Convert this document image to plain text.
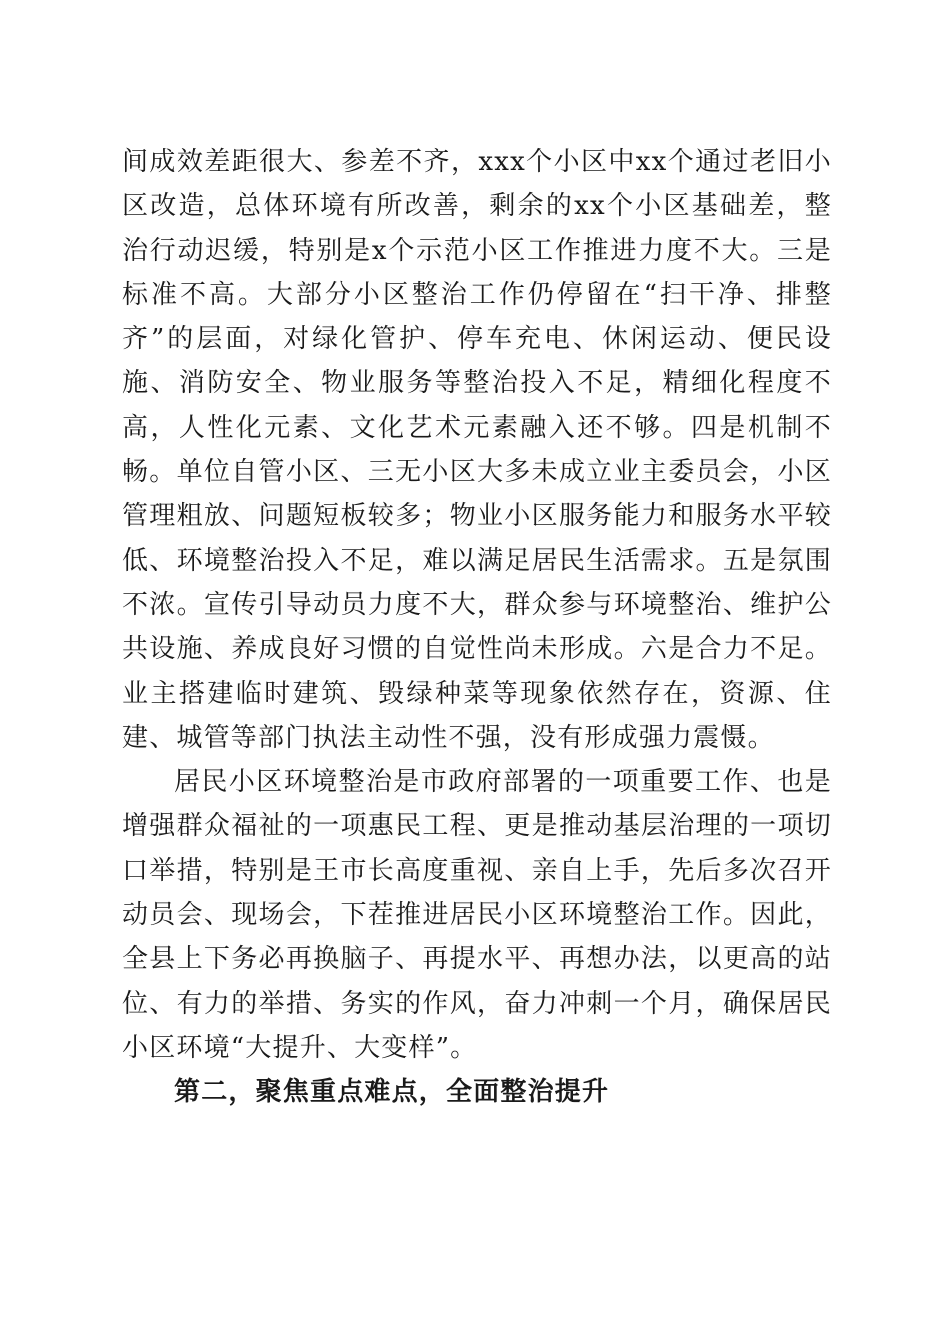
间成效差距很大、参差不齐，xxx个小区中xx个通过老旧小区改造，总体环境有所改善，剩余的xx个小区基础差，整治行动迟缓，特别是x个示范小区工作推进力度不大。三是标准不高。大部分小区整治工作仍停留在“扫干净、排整齐”的层面，对绿化管护、停车充电、休闲运动、便民设施、消防安全、物业服务等整治投入不足，精细化程度不高，人性化元素、文化艺术元素融入还不够。四是机制不畅。单位自管小区、三无小区大多未成立业主委员会，小区管理粗放、问题短板较多；物业小区服务能力和服务水平较低、环境整治投入不足，难以满足居民生活需求。五是氛围不浓。宣传引导动员力度不大，群众参与环境整治、维护公共设施、养成良好习惯的自觉性尚未形成。六是合力不足。业主搭建临时建筑、毁绿种菜等现象依然存在，资源、住建、城管等部门执法主动性不强，没有形成强力震慑。

居民小区环境整治是市政府部署的一项重要工作、也是增强群众福祉的一项惠民工程、更是推动基层治理的一项切口举措，特别是王市长高度重视、亲自上手，先后多次召开动员会、现场会，下茬推进居民小区环境整治工作。因此，全县上下务必再换脑子、再提水平、再想办法，以更高的站位、有力的举措、务实的作风，奋力冲刺一个月，确保居民小区环境“大提升、大变样”。

第二，聚焦重点难点，全面整治提升
